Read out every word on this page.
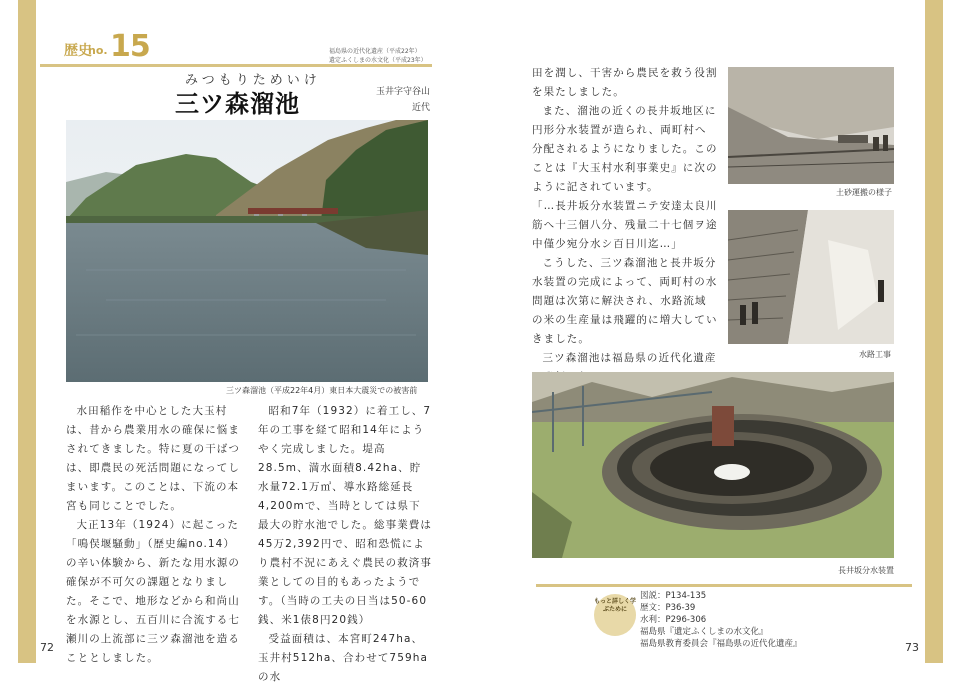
歴史
no. 15	福島県の近代化遺産（平成22年）
遺定ふくしまの水文化（平成23年）
みつもりためいけ
三ツ森溜池	玉井字守谷山
近代
三ツ森溜池（平成22年4月）東日本大震災での被害前

水田稲作を中心とした大玉村は、昔から農業用水の確保に悩まされてきました。特に夏の干ばつは、即農民の死活問題になってしまいます。このことは、下流の本宮も同じことでした。

大正13年（1924）に起こった「鳴俣堰騒動」（歴史編no.14）の辛い体験から、新たな用水源の確保が不可欠の課題となりました。そこで、地形などから和尚山を水源とし、五百川に合流する七瀬川の上流部に三ツ森溜池を造ることとしました。

昭和7年（1932）に着工し、7年の工事を経て昭和14年にようやく完成しました。堤高28.5m、満水面積8.42ha、貯水量72.1万㎥、導水路総延長4,200mで、当時としては県下最大の貯水池でした。総事業費は45万2,392円で、昭和恐慌により農村不況にあえぐ農民の救済事業としての目的もあったようです。（当時の工夫の日当は50-60銭、米1俵8円20銭）

受益面積は、本宮町247ha、玉井村512ha、合わせて759haの水

72

田を潤し、干害から農民を救う役割を果たしました。

また、溜池の近くの長井坂地区に円形分水装置が造られ、両町村へ分配されるようになりました。このことは『大玉村水利事業史』に次のように記されています。

「…長井坂分水装置ニテ安達太良川筋へ十三個八分、残量二十七個ヲ途中僅少宛分水シ百日川迄…」

こうした、三ツ森溜池と長井坂分水装置の完成によって、両町村の水問題は次第に解決され、水路流域の米の生産量は飛躍的に増大していきました。

三ツ森溜池は福島県の近代化遺産

土砂運搬の様子
水路工事
長井坂分水装置
もっと詳しく学ぶために
図説：P134-135
歴文：P36-39
水利：P296-306
福島県『遺定ふくしまの水文化』
福島県教育委員会『福島県の近代化遺産』	73
